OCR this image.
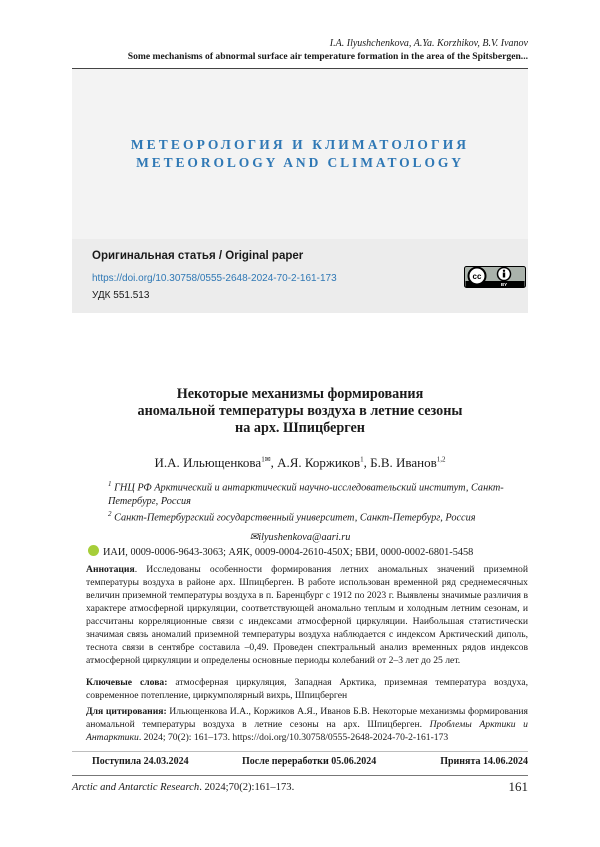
I.A. Ilyushchenkova, A.Ya. Korzhikov, B.V. Ivanov
Some mechanisms of abnormal surface air temperature formation in the area of the Spitsbergen...
МЕТЕОРОЛОГИЯ И КЛИМАТОЛОГИЯ
METEOROLOGY AND CLIMATOLOGY
Оригинальная статья / Original paper
https://doi.org/10.30758/0555-2648-2024-70-2-161-173
УДК 551.513
cc
BY
Некоторые механизмы формирования
аномальной температуры воздуха в летние сезоны
на арх. Шпицберген
И.А. Ильющенкова$^{1✉}$, А.Я. Коржиков$^1$, Б.В. Иванов$^{1,2}$
$^1$ ГНЦ РФ Арктический и антарктический научно-исследовательский институт, Санкт-Петербург, Россия
$^2$ Санкт-Петербургский государственный университет, Санкт-Петербург, Россия
✉ilyushenkova@aari.ru
ИАИ, 0009-0006-9643-3063; АЯК, 0009-0004-2610-450X; БВИ, 0000-0002-6801-5458
Аннотация. Исследованы особенности формирования летних аномальных значений приземной температуры воздуха в районе арх. Шпицберген. В работе использован временной ряд среднемесячных величин приземной температуры воздуха в п. Баренцбург с 1912 по 2023 г. Выявлены значимые различия в характере атмосферной циркуляции, соответствующей аномально теплым и холодным летним сезонам, и рассчитаны корреляционные связи с индексами атмосферной циркуляции. Наибольшая статистически значимая связь аномалий приземной температуры воздуха наблюдается с индексом Арктический диполь, теснота связи в сентябре составила –0,49. Проведен спектральный анализ временных рядов индексов атмосферной циркуляции и определены основные периоды колебаний от 2–3 лет до 25 лет.
Ключевые слова: атмосферная циркуляция, Западная Арктика, приземная температура воздуха, современное потепление, циркумполярный вихрь, Шпицберген
Для цитирования: Ильющенкова И.А., Коржиков А.Я., Иванов Б.В. Некоторые механизмы формирования аномальной температуры воздуха в летние сезоны на арх. Шпицберген. Проблемы Арктики и Антарктики. 2024; 70(2): 161–173. https://doi.org/10.30758/0555-2648-2024-70-2-161-173
Поступила 24.03.2024	После переработки 05.06.2024	Принята 14.06.2024
Arctic and Antarctic Research. 2024;70(2):161–173.	161
